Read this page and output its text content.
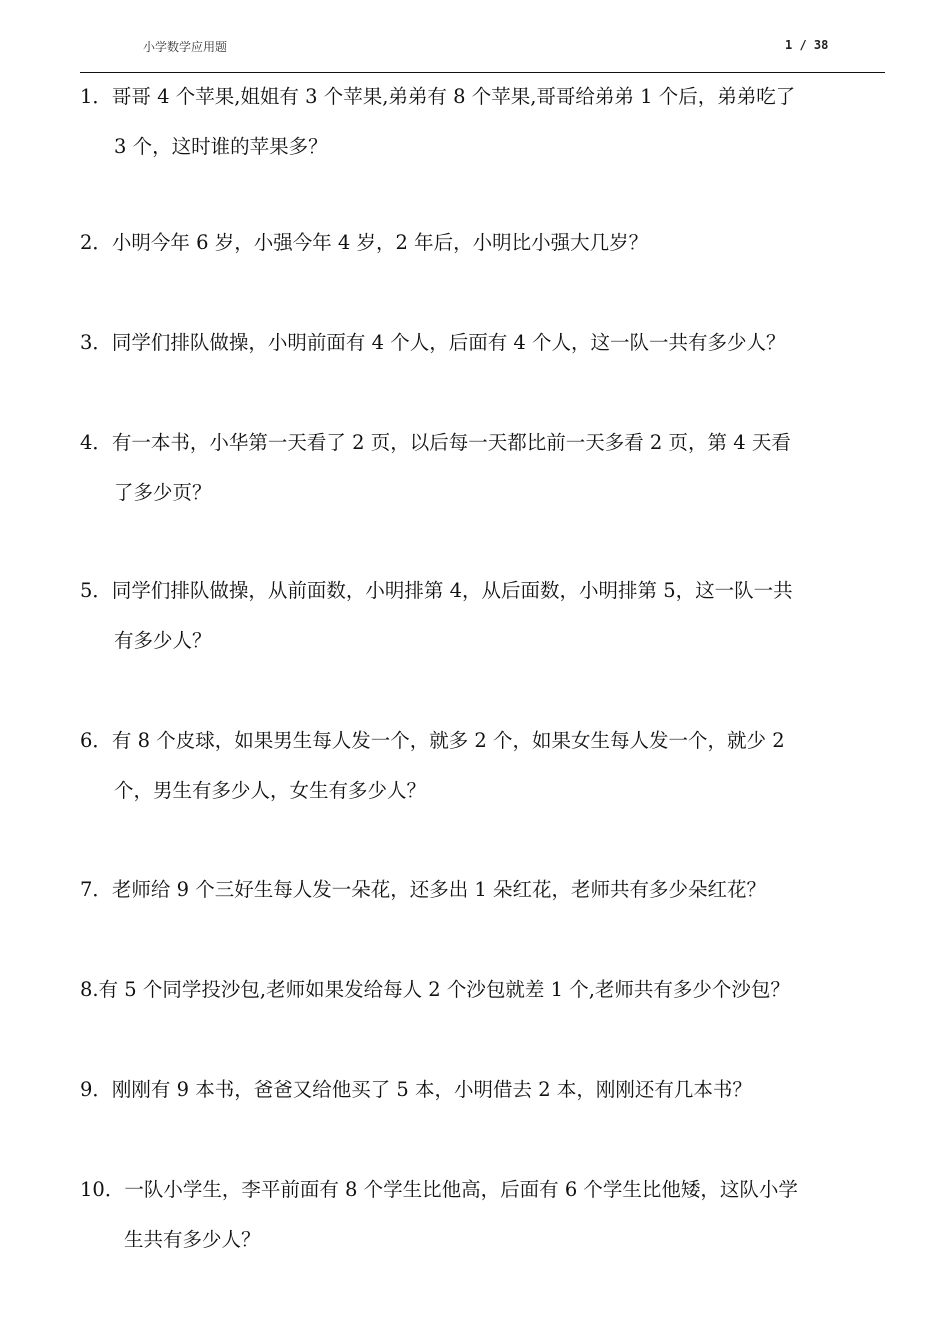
小学数学应用题	1 / 38
1．哥哥 4 个苹果,姐姐有 3 个苹果,弟弟有 8 个苹果,哥哥给弟弟 1 个后，弟弟吃了
3 个，这时谁的苹果多？
2．小明今年 6 岁，小强今年 4 岁，2 年后，小明比小强大几岁？
3．同学们排队做操，小明前面有 4 个人，后面有 4 个人，这一队一共有多少人？
4．有一本书，小华第一天看了 2 页，以后每一天都比前一天多看 2 页，第 4 天看
了多少页？
5．同学们排队做操，从前面数，小明排第 4，从后面数，小明排第 5，这一队一共
有多少人？
6．有 8 个皮球，如果男生每人发一个，就多 2 个，如果女生每人发一个，就少 2
个，男生有多少人，女生有多少人？
7．老师给 9 个三好生每人发一朵花，还多出 1 朵红花，老师共有多少朵红花？
8.有 5 个同学投沙包,老师如果发给每人 2 个沙包就差 1 个,老师共有多少个沙包？
9．刚刚有 9 本书，爸爸又给他买了 5 本，小明借去 2 本，刚刚还有几本书？
10．一队小学生，李平前面有 8 个学生比他高，后面有 6 个学生比他矮，这队小学
生共有多少人？
